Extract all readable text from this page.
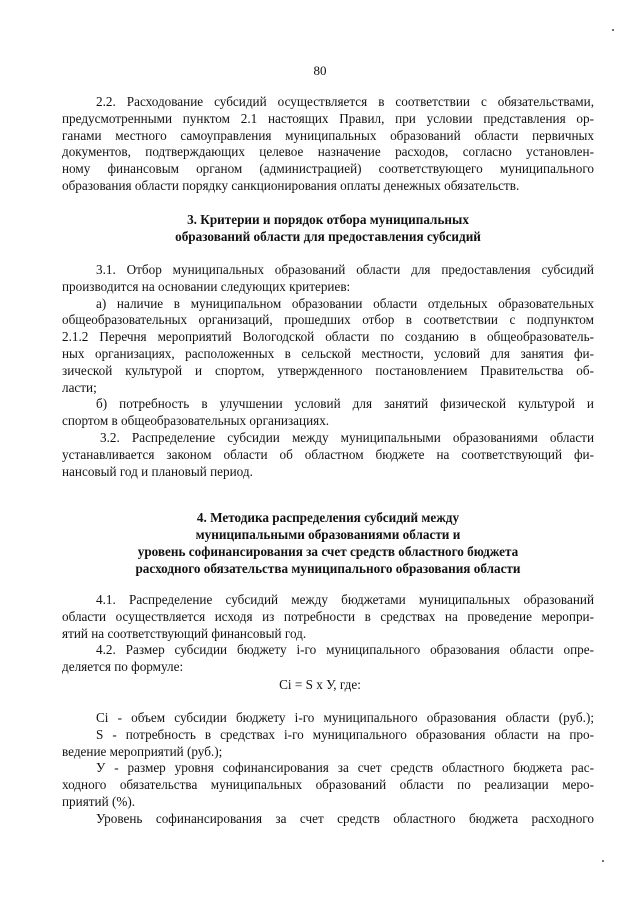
80
2.2. Расходование субсидий осуществляется в соответствии с обязательствами,
предусмотренными пунктом 2.1 настоящих Правил, при условии представления ор-
ганами местного самоуправления муниципальных образований области первичных
документов, подтверждающих целевое назначение расходов, согласно установлен-
ному финансовым органом (администрацией) соответствующего муниципального
образования области порядку санкционирования оплаты денежных обязательств.
3. Критерии и порядок отбора муниципальных
образований области для предоставления субсидий
3.1. Отбор муниципальных образований области для предоставления субсидий
производится на основании следующих критериев:
а) наличие в муниципальном образовании области отдельных образовательных
общеобразовательных организаций, прошедших отбор в соответствии с подпунктом
2.1.2 Перечня мероприятий Вологодской области по созданию в общеобразователь-
ных организациях, расположенных в сельской местности, условий для занятия фи-
зической культурой и спортом, утвержденного постановлением Правительства об-
ласти;
б) потребность в улучшении условий для занятий физической культурой и
спортом в общеобразовательных организациях.
3.2. Распределение субсидии между муниципальными образованиями области
устанавливается законом области об областном бюджете на соответствующий фи-
нансовый год и плановый период.
4. Методика распределения субсидий между
муниципальными образованиями области и
уровень софинансирования за счет средств областного бюджета
расходного обязательства муниципального образования области
4.1. Распределение субсидий между бюджетами муниципальных образований
области осуществляется исходя из потребности в средствах на проведение меропри-
ятий на соответствующий финансовый год.
4.2. Размер субсидии бюджету i-го муниципального образования области опре-
деляется по формуле:
Ci = S x У, где:
Ci - объем субсидии бюджету i-го муниципального образования области (руб.);
S - потребность в средствах i-го муниципального образования области на про-
ведение мероприятий (руб.);
У - размер уровня софинансирования за счет средств областного бюджета рас-
ходного обязательства муниципальных образований области по реализации меро-
приятий (%).
Уровень софинансирования за счет средств областного бюджета расходного
